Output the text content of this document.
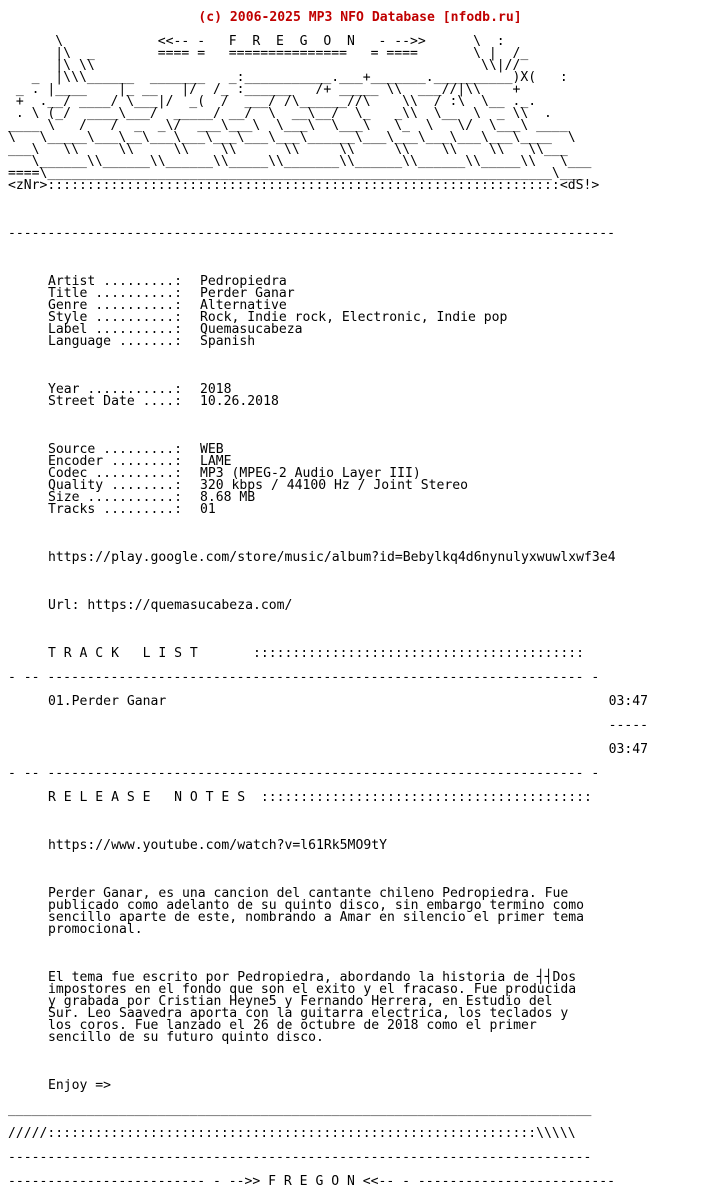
(c) 2006-2025 MP3 NFO Database [nfodb.ru]

\            <<-- -   F  R  E  G  O  N   - -->>      \  :
|\  _        ==== =   ===============   = ====       \ |  /_
|\ \\                                                 \\|//
_  |\\\______  _______   _:___________.___+_______.__________)X(   :
_ . |____    |_ __   |/  /_ :______   /+ _____ \\  ___//|\\    +
+  .__/ ____/ \___|/  _(  /  ___/ /\______//\    \\  / :\  \__ ._.
. \ (_/  ____\___/  _____/ __/  \  __\__/  \_   _\\  \__  \  _ \\  .
____ \   /   /  _  _\/  ___\___\  \___\  \___\   \_  \   \/  \___\ ____
\   \_____\___\__\___\___\___\___\___\______\___\___\___\___\___\____  \
___\   \\     \\     \\    \\      \\     \\     \\    \\    \\   \\___
\______\\______\\______\\_____\\_______\\______\\______\\_____\\   \___
====\________________________________________________________________\___
<zNr>:::::::::::::::::::::::::::::::::::::::::::::::::::::::::::::::::<dS!>

-----------------------------------------------------------------------------

Artist .........: Pedropiedra
Title ..........: Perder Ganar
Genre ..........: Alternative
Style ..........: Rock, Indie rock, Electronic, Indie pop
Label ..........: Quemasucabeza
Language .......: Spanish

Year ...........: 2018
Street Date ....: 10.26.2018

Source .........: WEB
Encoder ........: LAME
Codec ..........: MP3 (MPEG-2 Audio Layer III)
Quality ........: 320 kbps / 44100 Hz / Joint Stereo
Size ...........: 8.68 MB
Tracks .........: 01

https://play.google.com/store/music/album?id=Bebylkq4d6nynulyxwuwlxwf3e4

Url: https://quemasucabeza.com/

T R A C K   L I S T       ::::::::::::::::::::::::::::::::::::::::::

- -- -------------------------------------------------------------------- -

01.Perder Ganar	03:47

-----

03:47

- -- -------------------------------------------------------------------- -

R E L E A S E   N O T E S  ::::::::::::::::::::::::::::::::::::::::::

https://www.youtube.com/watch?v=l61Rk5MO9tY

Perder Ganar, es una cancion del cantante chileno Pedropiedra. Fue
publicado como adelanto de su quinto disco, sin embargo termino como
sencillo aparte de este, nombrando a Amar en silencio el primer tema
promocional.

El tema fue escrito por Pedropiedra, abordando la historia de ┤┤Dos
impostores en el fondo que son el exito y el fracaso. Fue producida
y grabada por Cristian Heyne5 y Fernando Herrera, en Estudio del
Sur. Leo Saavedra aporta con la guitarra electrica, los teclados y
los coros. Fue lanzado el 26 de octubre de 2018 como el primer
sencillo de su futuro quinto disco.

Enjoy =>

__________________________________________________________________________

/////::::::::::::::::::::::::::::::::::::::::::::::::::::::::::::::\\\\\

--------------------------------------------------------------------------

------------------------- - -->> F R E G O N <<-- - -------------------------
